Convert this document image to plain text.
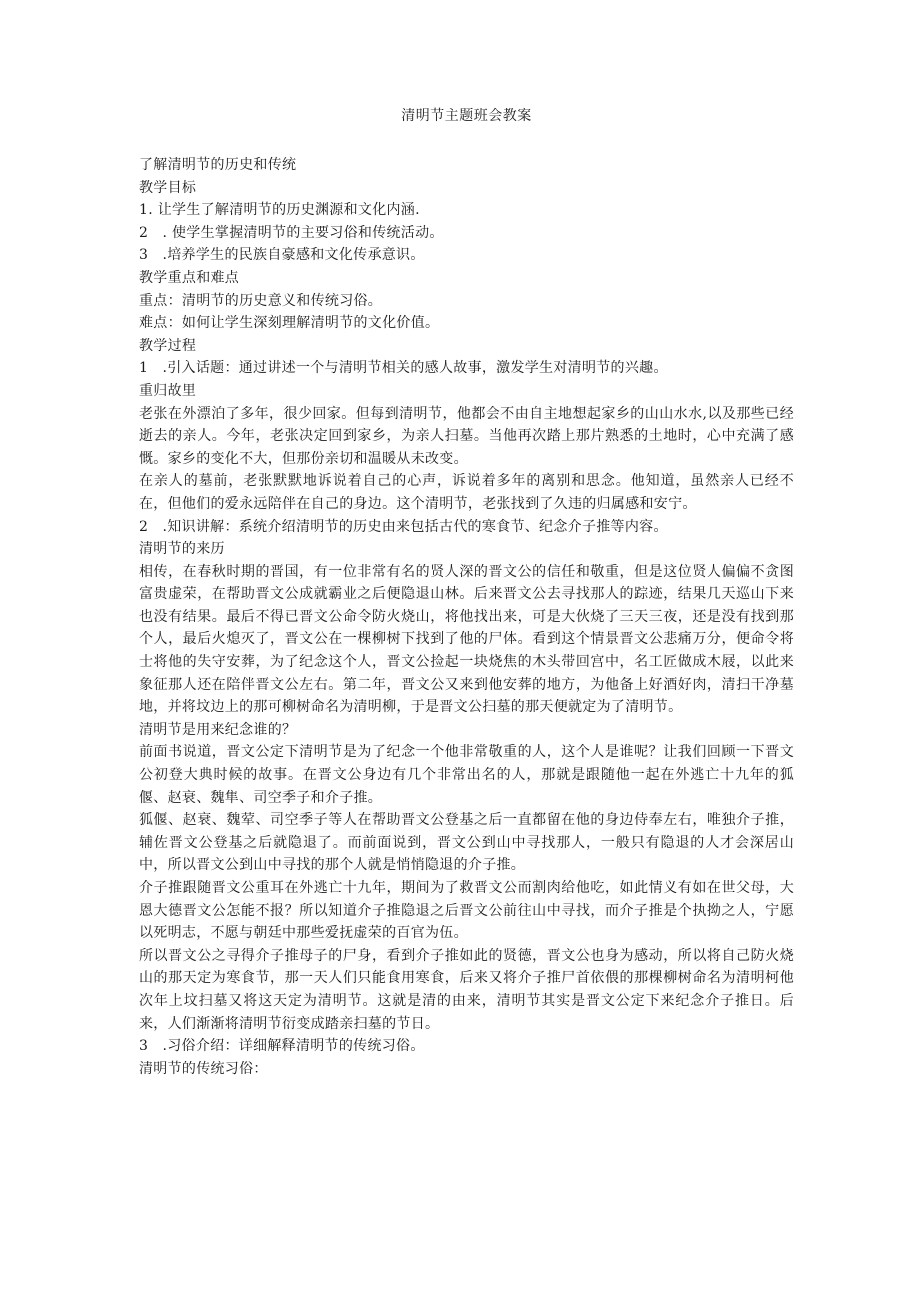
清明节主题班会教案

了解清明节的历史和传统

教学目标

1. 让学生了解清明节的历史渊源和文化内涵.

2　. 使学生掌握清明节的主要习俗和传统活动。

3　.培养学生的民族自豪感和文化传承意识。

教学重点和难点

重点：清明节的历史意义和传统习俗。

难点：如何让学生深刻理解清明节的文化价值。

教学过程

1　.引入话题：通过讲述一个与清明节相关的感人故事，激发学生对清明节的兴趣。

重归故里

老张在外漂泊了多年，很少回家。但每到清明节，他都会不由自主地想起家乡的山山水水,以及那些已经逝去的亲人。今年，老张决定回到家乡，为亲人扫墓。当他再次踏上那片熟悉的土地时，心中充满了感慨。家乡的变化不大，但那份亲切和温暖从未改变。

在亲人的墓前，老张默默地诉说着自己的心声，诉说着多年的离别和思念。他知道，虽然亲人已经不在，但他们的爱永远陪伴在自己的身边。这个清明节，老张找到了久违的归属感和安宁。

2　.知识讲解：系统介绍清明节的历史由来包括古代的寒食节、纪念介子推等内容。

清明节的来历

相传，在春秋时期的晋国，有一位非常有名的贤人深的晋文公的信任和敬重，但是这位贤人偏偏不贪图富贵虚荣，在帮助晋文公成就霸业之后便隐退山林。后来晋文公去寻找那人的踪迹，结果几天巡山下来也没有结果。最后不得已晋文公命令防火烧山，将他找出来，可是大伙烧了三天三夜，还是没有找到那个人，最后火熄灭了，晋文公在一棵柳树下找到了他的尸体。看到这个情景晋文公悲痛万分，便命令将士将他的失守安葬，为了纪念这个人，晋文公捡起一块烧焦的木头带回宫中，名工匠做成木屐，以此来象征那人还在陪伴晋文公左右。第二年，晋文公又来到他安葬的地方，为他备上好酒好肉，清扫干净墓地，并将坟边上的那可柳树命名为清明柳，于是晋文公扫墓的那天便就定为了清明节。

清明节是用来纪念谁的？

前面书说道，晋文公定下清明节是为了纪念一个他非常敬重的人，这个人是谁呢？让我们回顾一下晋文公初登大典时候的故事。在晋文公身边有几个非常出名的人，那就是跟随他一起在外逃亡十九年的狐偃、赵衰、魏隼、司空季子和介子推。

狐偃、赵衰、魏荤、司空季子等人在帮助晋文公登基之后一直都留在他的身边侍奉左右，唯独介子推，辅佐晋文公登基之后就隐退了。而前面说到，晋文公到山中寻找那人，一般只有隐退的人才会深居山中，所以晋文公到山中寻找的那个人就是悄悄隐退的介子推。

介子推跟随晋文公重耳在外逃亡十九年，期间为了救晋文公而割肉给他吃，如此情义有如在世父母，大恩大德晋文公怎能不报？所以知道介子推隐退之后晋文公前往山中寻找，而介子推是个执拗之人，宁愿以死明志，不愿与朝廷中那些爱抚虚荣的百官为伍。

所以晋文公之寻得介子推母子的尸身，看到介子推如此的贤德，晋文公也身为感动，所以将自己防火烧山的那天定为寒食节，那一天人们只能食用寒食，后来又将介子推尸首依偎的那棵柳树命名为清明柯他次年上坟扫墓又将这天定为清明节。这就是清的由来，清明节其实是晋文公定下来纪念介子推日。后来，人们渐渐将清明节衍变成踏亲扫墓的节日。

3　.习俗介绍：详细解释清明节的传统习俗。

清明节的传统习俗：
